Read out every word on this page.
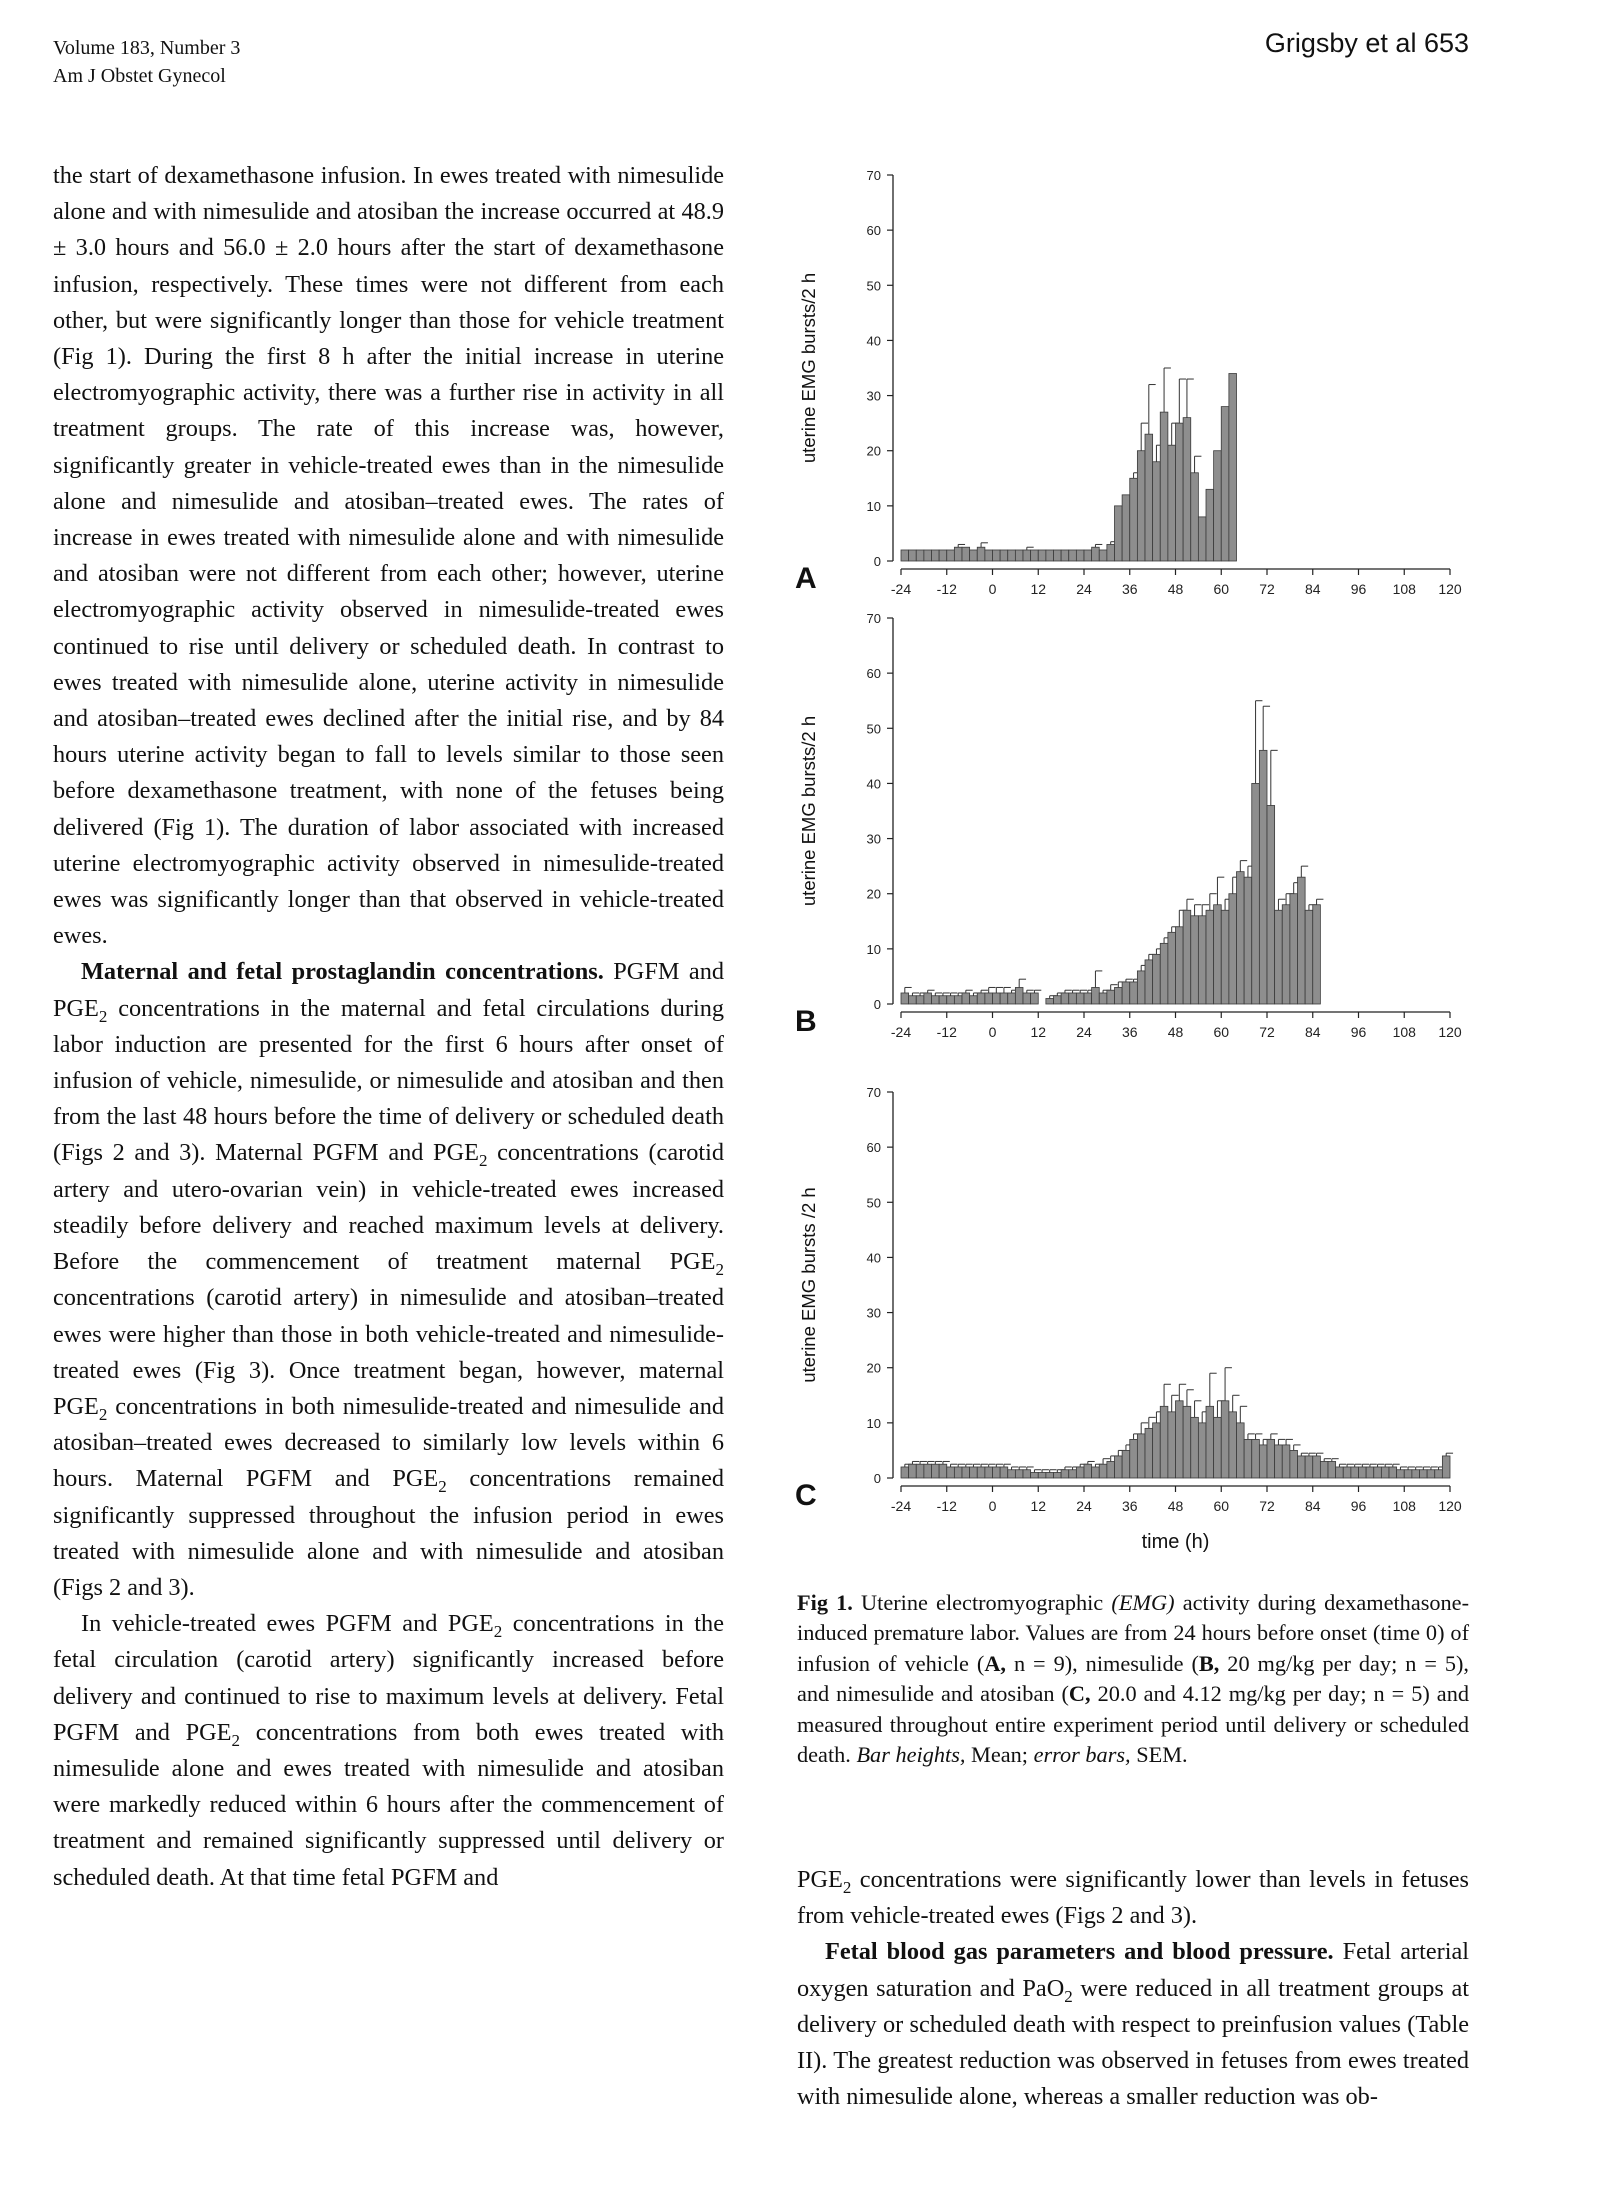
Volume 183, Number 3
Am J Obstet Gynecol
Grigsby et al 653

the start of dexamethasone infusion. In ewes treated with nimesulide alone and with nimesulide and atosiban the increase occurred at 48.9 ± 3.0 hours and 56.0 ± 2.0 hours after the start of dexamethasone infusion, respectively. These times were not different from each other, but were significantly longer than those for vehicle treatment (Fig 1). During the first 8 h after the initial increase in uterine electromyographic activity, there was a further rise in activity in all treatment groups. The rate of this increase was, however, significantly greater in vehicle-treated ewes than in the nimesulide alone and nimesulide and atosiban–treated ewes. The rates of increase in ewes treated with nimesulide alone and with nimesulide and atosiban were not different from each other; however, uterine electromyographic activity observed in nimesulide-treated ewes continued to rise until delivery or scheduled death. In contrast to ewes treated with nimesulide alone, uterine activity in nimesulide and atosiban–treated ewes declined after the initial rise, and by 84 hours uterine activity began to fall to levels similar to those seen before dexamethasone treatment, with none of the fetuses being delivered (Fig 1). The duration of labor associated with increased uterine electromyographic activity observed in nimesulide-treated ewes was significantly longer than that observed in vehicle-treated ewes.

Maternal and fetal prostaglandin concentrations. PGFM and $PGE_2$ concentrations in the maternal and fetal circulations during labor induction are presented for the first 6 hours after onset of infusion of vehicle, nimesulide, or nimesulide and atosiban and then from the last 48 hours before the time of delivery or scheduled death (Figs 2 and 3). Maternal PGFM and $PGE_2$ concentrations (carotid artery and utero-ovarian vein) in vehicle-treated ewes increased steadily before delivery and reached maximum levels at delivery. Before the commencement of treatment maternal $PGE_2$ concentrations (carotid artery) in nimesulide and atosiban–treated ewes were higher than those in both vehicle-treated and nimesulide-treated ewes (Fig 3). Once treatment began, however, maternal $PGE_2$ concentrations in both nimesulide-treated and nimesulide and atosiban–treated ewes decreased to similarly low levels within 6 hours. Maternal PGFM and $PGE_2$ concentrations remained significantly suppressed throughout the infusion period in ewes treated with nimesulide alone and with nimesulide and atosiban (Figs 2 and 3).

In vehicle-treated ewes PGFM and $PGE_2$ concentrations in the fetal circulation (carotid artery) significantly increased before delivery and continued to rise to maximum levels at delivery. Fetal PGFM and $PGE_2$ concentrations from both ewes treated with nimesulide alone and ewes treated with nimesulide and atosiban were markedly reduced within 6 hours after the commencement of treatment and remained significantly suppressed until delivery or scheduled death. At that time fetal PGFM and

0
10
20
30
40
50
60
70
-24 -12 0 12 24 36 48 60 72 84 96 108 120
uterine EMG bursts/2 h
A
0
10
20
30
40
50
60
70
-24 -12 0 12 24 36 48 60 72 84 96 108 120
uterine EMG bursts/2 h
B
0
10
20
30
40
50
60
70
-24 -12 0 12 24 36 48 60 72 84 96 108 120
uterine EMG bursts /2 h
C
time (h)
Fig 1. Uterine electromyographic (EMG) activity during dexamethasone-induced premature labor. Values are from 24 hours before onset (time 0) of infusion of vehicle (A, n = 9), nimesulide (B, 20 mg/kg per day; n = 5), and nimesulide and atosiban (C, 20.0 and 4.12 mg/kg per day; n = 5) and measured throughout entire experiment period until delivery or scheduled death. Bar heights, Mean; error bars, SEM.

$PGE_2$ concentrations were significantly lower than levels in fetuses from vehicle-treated ewes (Figs 2 and 3).

Fetal blood gas parameters and blood pressure. Fetal arterial oxygen saturation and PaO$_2$ were reduced in all treatment groups at delivery or scheduled death with respect to preinfusion values (Table II). The greatest reduction was observed in fetuses from ewes treated with nimesulide alone, whereas a smaller reduction was ob-
